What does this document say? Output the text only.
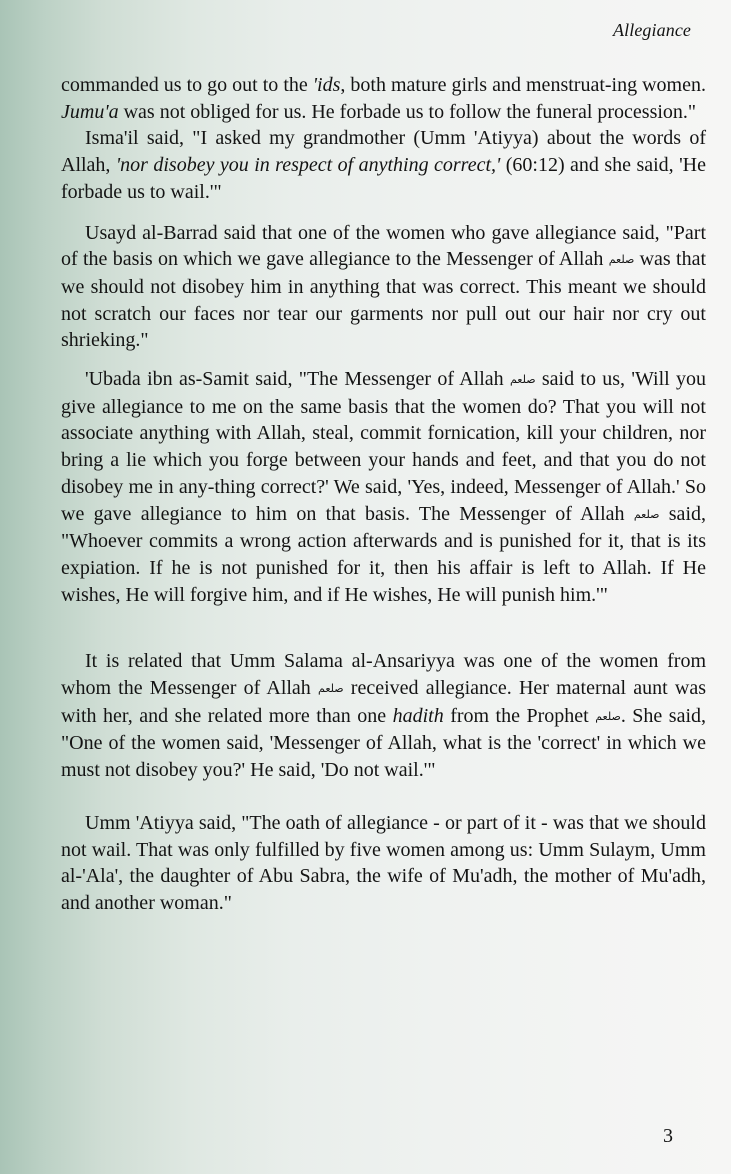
Allegiance

commanded us to go out to the 'ids, both mature girls and menstruat-ing women. Jumu'a was not obliged for us. He forbade us to follow the funeral procession."

Isma'il said, "I asked my grandmother (Umm 'Atiyya) about the words of Allah, 'nor disobey you in respect of anything correct,' (60:12) and she said, 'He forbade us to wail.'"

Usayd al-Barrad said that one of the women who gave allegiance said, "Part of the basis on which we gave allegiance to the Messenger of Allah صلعم was that we should not disobey him in anything that was correct. This meant we should not scratch our faces nor tear our garments nor pull out our hair nor cry out shrieking."

'Ubada ibn as-Samit said, "The Messenger of Allah صلعم said to us, 'Will you give allegiance to me on the same basis that the women do? That you will not associate anything with Allah, steal, commit fornication, kill your children, nor bring a lie which you forge between your hands and feet, and that you do not disobey me in any-thing correct?' We said, 'Yes, indeed, Messenger of Allah.' So we gave allegiance to him on that basis. The Messenger of Allah صلعم said, "Whoever commits a wrong action afterwards and is punished for it, that is its expiation. If he is not punished for it, then his affair is left to Allah. If He wishes, He will forgive him, and if He wishes, He will punish him.'"

It is related that Umm Salama al-Ansariyya was one of the women from whom the Messenger of Allah صلعم received allegiance. Her maternal aunt was with her, and she related more than one hadith from the Prophet صلعم. She said, "One of the women said, 'Messenger of Allah, what is the 'correct' in which we must not disobey you?' He said, 'Do not wail.'"

Umm 'Atiyya said, "The oath of allegiance - or part of it - was that we should not wail. That was only fulfilled by five women among us: Umm Sulaym, Umm al-'Ala', the daughter of Abu Sabra, the wife of Mu'adh, the mother of Mu'adh, and another woman."

3
